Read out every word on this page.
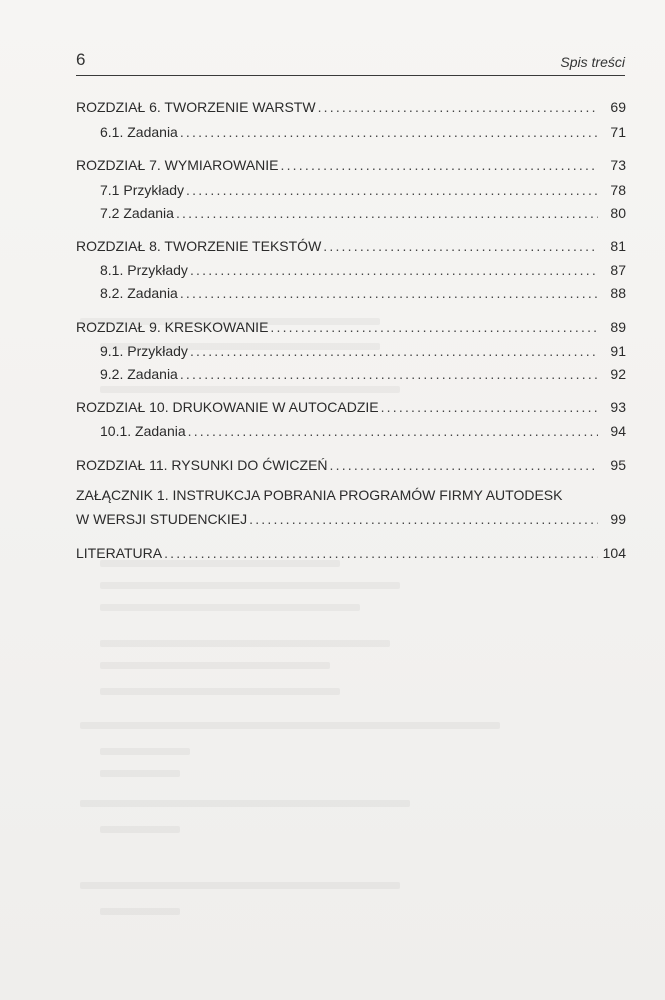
6	Spis treści
ROZDZIAŁ 6. TWORZENIE WARSTW .....	69
6.1. Zadania .....	71
ROZDZIAŁ 7. WYMIAROWANIE .....	73
7.1 Przykłady .....	78
7.2 Zadania .....	80
ROZDZIAŁ 8. TWORZENIE TEKSTÓW .....	81
8.1. Przykłady .....	87
8.2. Zadania .....	88
ROZDZIAŁ 9. KRESKOWANIE .....	89
9.1. Przykłady .....	91
9.2. Zadania .....	92
ROZDZIAŁ 10. DRUKOWANIE W AUTOCADZIE .....	93
10.1. Zadania .....	94
ROZDZIAŁ 11. RYSUNKI DO ĆWICZEŃ .....	95
ZAŁĄCZNIK 1. INSTRUKCJA POBRANIA PROGRAMÓW FIRMY AUTODESK
W WERSJI STUDENCKIEJ .....	99
LITERATURA .....	104
